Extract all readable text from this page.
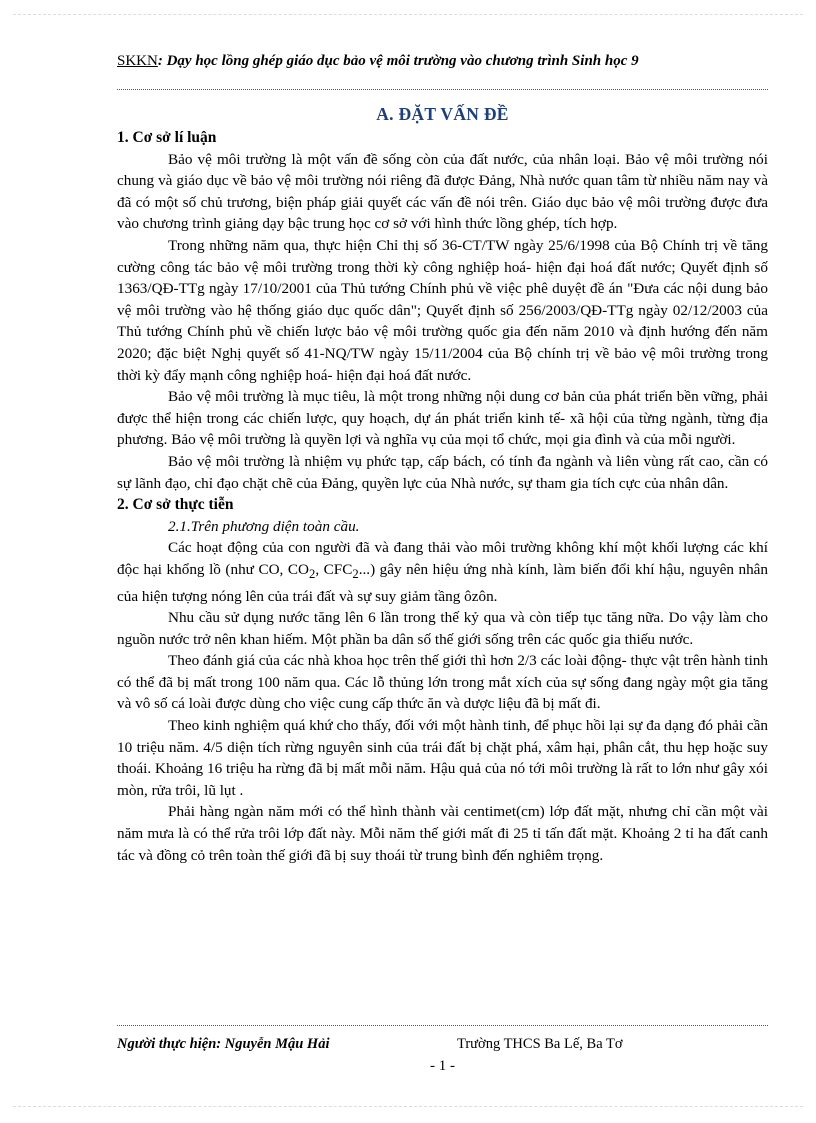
SKKN: Dạy học lồng ghép giáo dục bảo vệ môi trường vào chương trình Sinh học 9
A. ĐẶT VẤN ĐỀ
1. Cơ sở lí luận

Bảo vệ môi trường là một vấn đề sống còn của đất nước, của nhân loại. Bảo vệ môi trường nói chung và giáo dục về bảo vệ môi trường nói riêng đã được Đảng, Nhà nước quan tâm từ nhiều năm nay và đã có một số chủ trương, biện pháp giải quyết các vấn đề nói trên. Giáo dục bảo vệ môi trường được đưa vào chương trình giảng dạy bậc trung học cơ sở với hình thức lồng ghép, tích hợp.

Trong những năm qua, thực hiện Chỉ thị số 36-CT/TW ngày 25/6/1998 của Bộ Chính trị về tăng cường công tác bảo vệ môi trường trong thời kỳ công nghiệp hoá- hiện đại hoá đất nước; Quyết định số 1363/QĐ-TTg ngày 17/10/2001 của Thủ tướng Chính phủ về việc phê duyệt đề án "Đưa các nội dung bảo vệ môi trường vào hệ thống giáo dục quốc dân"; Quyết định số 256/2003/QĐ-TTg ngày 02/12/2003 của Thủ tướng Chính phủ về chiến lược bảo vệ môi trường quốc gia đến năm 2010 và định hướng đến năm 2020; đặc biệt Nghị quyết số 41-NQ/TW ngày 15/11/2004 của Bộ chính trị về bảo vệ môi trường trong thời kỳ đẩy mạnh công nghiệp hoá- hiện đại hoá đất nước.

Bảo vệ môi trường là mục tiêu, là một trong những nội dung cơ bản của phát triển bền vững, phải được thể hiện trong các chiến lược, quy hoạch, dự án phát triển kinh tế- xã hội của từng ngành, từng địa phương. Bảo vệ môi trường là quyền lợi và nghĩa vụ của mọi tổ chức, mọi gia đình và của mỗi người.

Bảo vệ môi trường là nhiệm vụ phức tạp, cấp bách, có tính đa ngành và liên vùng rất cao, cần có sự lãnh đạo, chỉ đạo chặt chẽ của Đảng, quyền lực của Nhà nước, sự tham gia tích cực của nhân dân.

2. Cơ sở thực tiễn

2.1.Trên phương diện toàn cầu.

Các hoạt động của con người đã và đang thải vào môi trường không khí một khối lượng các khí độc hại khổng lồ (như CO, $CO_2$, $CFC_2$...) gây nên hiệu ứng nhà kính, làm biến đổi khí hậu, nguyên nhân của hiện tượng nóng lên của trái đất và sự suy giảm tầng ôzôn.

Nhu cầu sử dụng nước tăng lên 6 lần trong thế kỷ qua và còn tiếp tục tăng nữa. Do vậy làm cho nguồn nước trở nên khan hiếm. Một phần ba dân số thế giới sống trên các quốc gia thiếu nước.

Theo đánh giá của các nhà khoa học trên thế giới thì hơn 2/3 các loài động- thực vật trên hành tinh có thể đã bị mất trong 100 năm qua. Các lỗ thủng lớn trong mắt xích của sự sống đang ngày một gia tăng và vô số cá loài được dùng cho việc cung cấp thức ăn và dược liệu đã bị mất đi.

Theo kinh nghiệm quá khứ cho thấy, đối với một hành tinh, để phục hồi lại sự đa dạng đó phải cần 10 triệu năm. 4/5 diện tích rừng nguyên sinh của trái đất bị chặt phá, xâm hại, phân cắt, thu hẹp hoặc suy thoái. Khoảng 16 triệu ha rừng đã bị mất mỗi năm. Hậu quả của nó tới môi trường là rất to lớn như gây xói mòn, rửa trôi, lũ lụt .

Phải hàng ngàn năm mới có thể hình thành vài centimet(cm) lớp đất mặt, nhưng chỉ cần một vài năm mưa là có thể rửa trôi lớp đất này. Mỗi năm thế giới mất đi 25 tỉ tấn đất mặt. Khoảng 2 tỉ ha đất canh tác và đồng cỏ trên toàn thế giới đã bị suy thoái từ trung bình đến nghiêm trọng.

Người thực hiện: Nguyễn Mậu Hải	Trường THCS Ba Lế, Ba Tơ
- 1 -
